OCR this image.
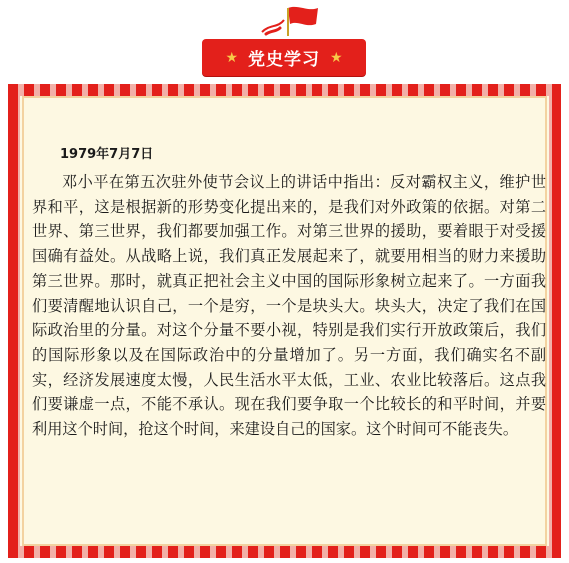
★ 党史学习 ★

1979年7月7日

邓小平在第五次驻外使节会议上的讲话中指出：反对霸权主义，维护世界和平，这是根据新的形势变化提出来的，是我们对外政策的依据。对第二世界、第三世界，我们都要加强工作。对第三世界的援助，要着眼于对受援国确有益处。从战略上说，我们真正发展起来了，就要用相当的财力来援助第三世界。那时，就真正把社会主义中国的国际形象树立起来了。一方面我们要清醒地认识自己，一个是穷，一个是块头大。块头大，决定了我们在国际政治里的分量。对这个分量不要小视，特别是我们实行开放政策后，我们的国际形象以及在国际政治中的分量增加了。另一方面，我们确实名不副实，经济发展速度太慢，人民生活水平太低，工业、农业比较落后。这点我们要谦虚一点，不能不承认。现在我们要争取一个比较长的和平时间，并要利用这个时间，抢这个时间，来建设自己的国家。这个时间可不能丧失。
